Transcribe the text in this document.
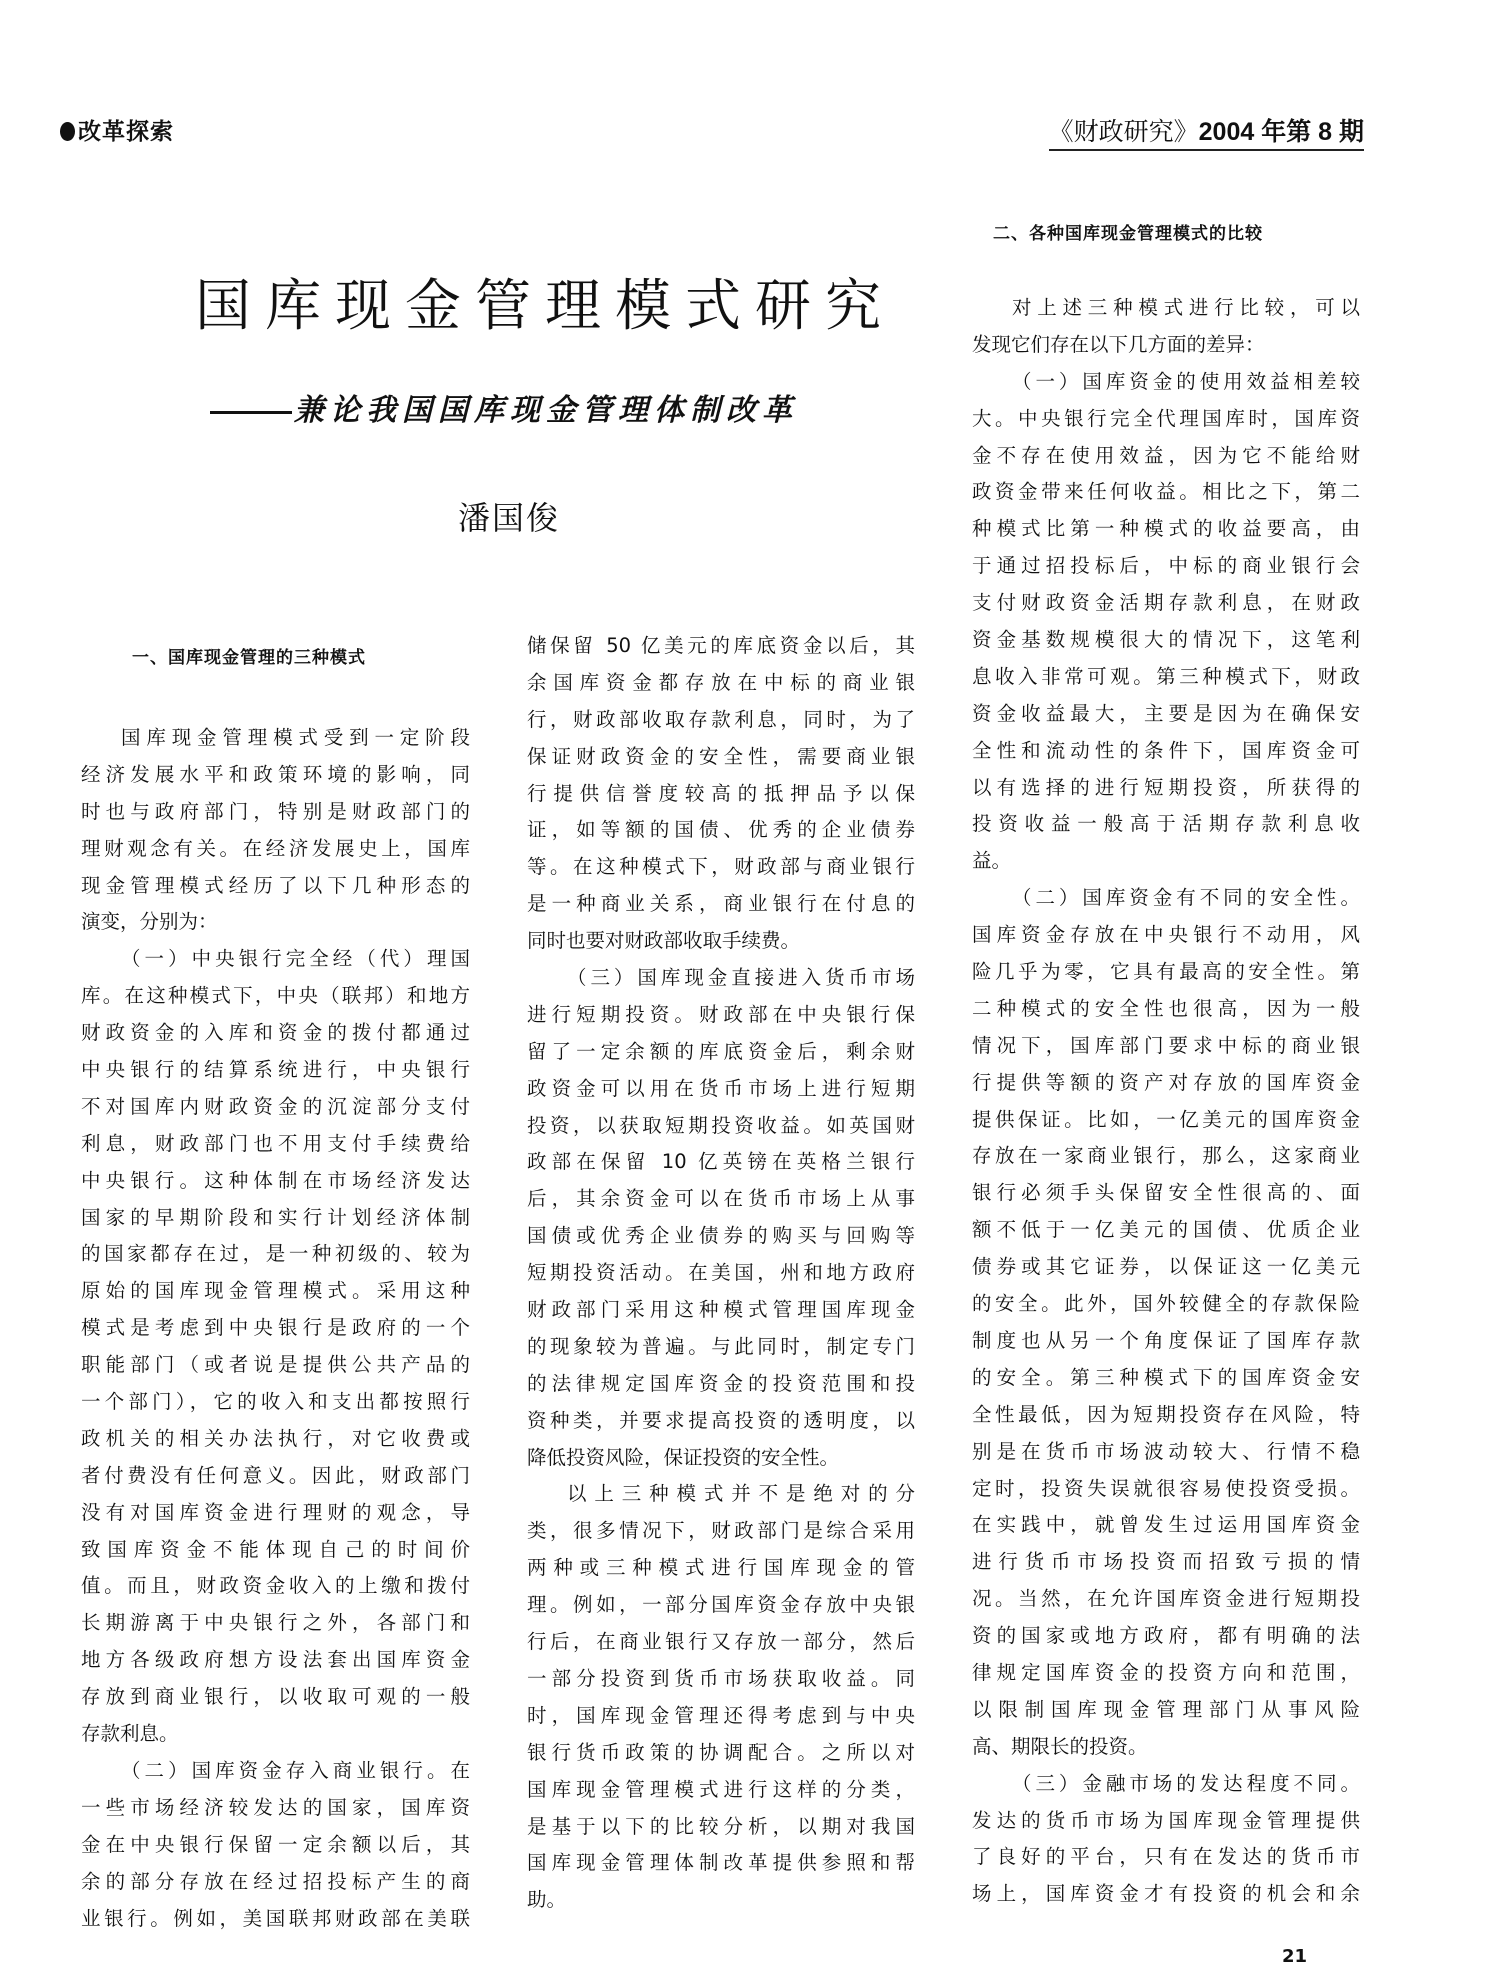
改革探索	《财政研究》2004 年第 8 期
国库现金管理模式研究
兼论我国国库现金管理体制改革
潘国俊
一、国库现金管理的三种模式
二、各种国库现金管理模式的比较
国库现金管理模式受到一定阶段
经济发展水平和政策环境的影响，同
时也与政府部门，特别是财政部门的
理财观念有关。在经济发展史上，国库
现金管理模式经历了以下几种形态的
演变，分别为：
（一）中央银行完全经（代）理国
库。在这种模式下，中央（联邦）和地方
财政资金的入库和资金的拨付都通过
中央银行的结算系统进行，中央银行
不对国库内财政资金的沉淀部分支付
利息，财政部门也不用支付手续费给
中央银行。这种体制在市场经济发达
国家的早期阶段和实行计划经济体制
的国家都存在过，是一种初级的、较为
原始的国库现金管理模式。采用这种
模式是考虑到中央银行是政府的一个
职能部门（或者说是提供公共产品的
一个部门），它的收入和支出都按照行
政机关的相关办法执行，对它收费或
者付费没有任何意义。因此，财政部门
没有对国库资金进行理财的观念，导
致国库资金不能体现自己的时间价
值。而且，财政资金收入的上缴和拨付
长期游离于中央银行之外，各部门和
地方各级政府想方设法套出国库资金
存放到商业银行，以收取可观的一般
存款利息。
（二）国库资金存入商业银行。在
一些市场经济较发达的国家，国库资
金在中央银行保留一定余额以后，其
余的部分存放在经过招投标产生的商
业银行。例如，美国联邦财政部在美联
储保留 50 亿美元的库底资金以后，其
余国库资金都存放在中标的商业银
行，财政部收取存款利息，同时，为了
保证财政资金的安全性，需要商业银
行提供信誉度较高的抵押品予以保
证，如等额的国债、优秀的企业债券
等。在这种模式下，财政部与商业银行
是一种商业关系，商业银行在付息的
同时也要对财政部收取手续费。
（三）国库现金直接进入货币市场
进行短期投资。财政部在中央银行保
留了一定余额的库底资金后，剩余财
政资金可以用在货币市场上进行短期
投资，以获取短期投资收益。如英国财
政部在保留 10 亿英镑在英格兰银行
后，其余资金可以在货币市场上从事
国债或优秀企业债券的购买与回购等
短期投资活动。在美国，州和地方政府
财政部门采用这种模式管理国库现金
的现象较为普遍。与此同时，制定专门
的法律规定国库资金的投资范围和投
资种类，并要求提高投资的透明度，以
降低投资风险，保证投资的安全性。
以上三种模式并不是绝对的分
类，很多情况下，财政部门是综合采用
两种或三种模式进行国库现金的管
理。例如，一部分国库资金存放中央银
行后，在商业银行又存放一部分，然后
一部分投资到货币市场获取收益。同
时，国库现金管理还得考虑到与中央
银行货币政策的协调配合。之所以对
国库现金管理模式进行这样的分类，
是基于以下的比较分析，以期对我国
国库现金管理体制改革提供参照和帮
助。
对上述三种模式进行比较，可以
发现它们存在以下几方面的差异：
（一）国库资金的使用效益相差较
大。中央银行完全代理国库时，国库资
金不存在使用效益，因为它不能给财
政资金带来任何收益。相比之下，第二
种模式比第一种模式的收益要高，由
于通过招投标后，中标的商业银行会
支付财政资金活期存款利息，在财政
资金基数规模很大的情况下，这笔利
息收入非常可观。第三种模式下，财政
资金收益最大，主要是因为在确保安
全性和流动性的条件下，国库资金可
以有选择的进行短期投资，所获得的
投资收益一般高于活期存款利息收
益。
（二）国库资金有不同的安全性。
国库资金存放在中央银行不动用，风
险几乎为零，它具有最高的安全性。第
二种模式的安全性也很高，因为一般
情况下，国库部门要求中标的商业银
行提供等额的资产对存放的国库资金
提供保证。比如，一亿美元的国库资金
存放在一家商业银行，那么，这家商业
银行必须手头保留安全性很高的、面
额不低于一亿美元的国债、优质企业
债券或其它证券，以保证这一亿美元
的安全。此外，国外较健全的存款保险
制度也从另一个角度保证了国库存款
的安全。第三种模式下的国库资金安
全性最低，因为短期投资存在风险，特
别是在货币市场波动较大、行情不稳
定时，投资失误就很容易使投资受损。
在实践中，就曾发生过运用国库资金
进行货币市场投资而招致亏损的情
况。当然，在允许国库资金进行短期投
资的国家或地方政府，都有明确的法
律规定国库资金的投资方向和范围，
以限制国库现金管理部门从事风险
高、期限长的投资。
（三）金融市场的发达程度不同。
发达的货币市场为国库现金管理提供
了良好的平台，只有在发达的货币市
场上，国库资金才有投资的机会和余
21
